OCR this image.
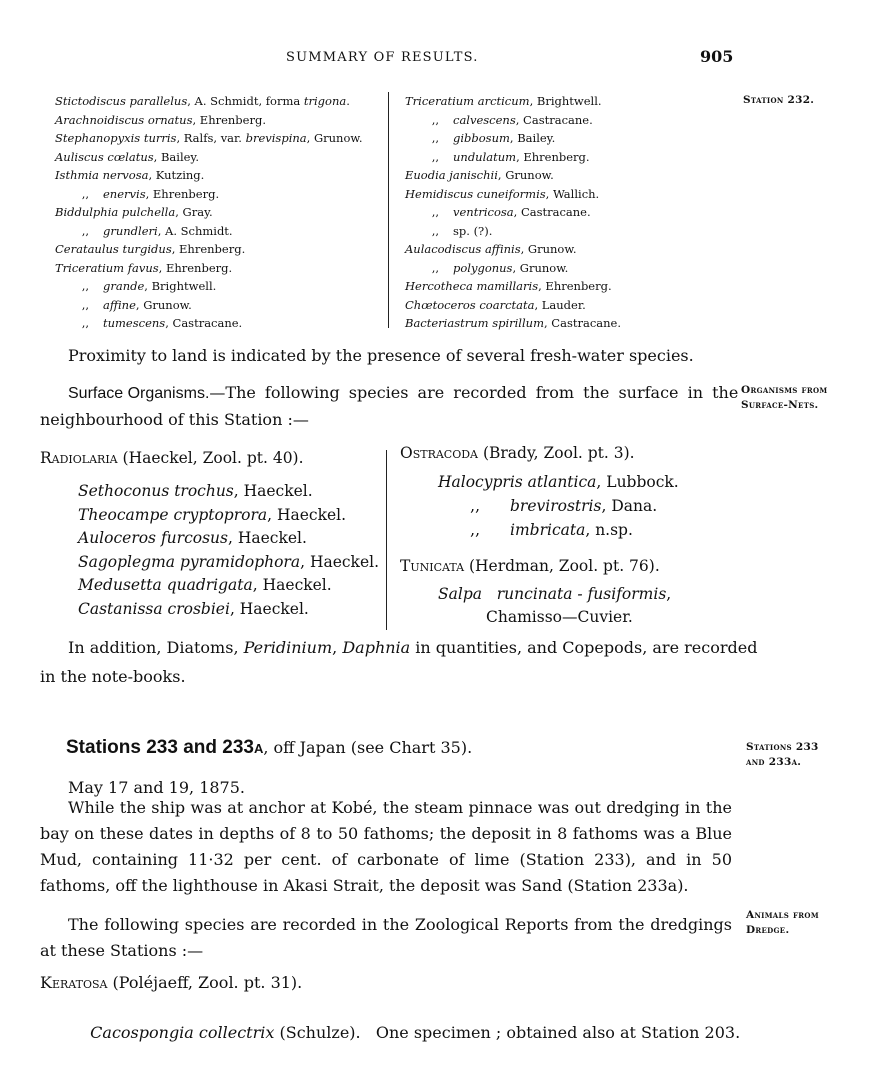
SUMMARY OF RESULTS.	905
Station 232.
Stictodiscus parallelus, A. Schmidt, forma trigona.
Arachnoidiscus ornatus, Ehrenberg.
Stephanopyxis turris, Ralfs, var. brevispina, Grunow.
Auliscus cœlatus, Bailey.
Isthmia nervosa, Kutzing.
,, enervis, Ehrenberg.
Biddulphia pulchella, Gray.
,, grundleri, A. Schmidt.
Cerataulus turgidus, Ehrenberg.
Triceratium favus, Ehrenberg.
,, grande, Brightwell.
,, affine, Grunow.
,, tumescens, Castracane.
Triceratium arcticum, Brightwell.
,, calvescens, Castracane.
,, gibbosum, Bailey.
,, undulatum, Ehrenberg.
Euodia janischii, Grunow.
Hemidiscus cuneiformis, Wallich.
,, ventricosa, Castracane.
,, sp. (?).
Aulacodiscus affinis, Grunow.
,, polygonus, Grunow.
Hercotheca mamillaris, Ehrenberg.
Chœtoceros coarctata, Lauder.
Bacteriastrum spirillum, Castracane.
Proximity to land is indicated by the presence of several fresh-water species.
Surface Organisms.—The following species are recorded from the surface in the
neighbourhood of this Station :—
Organisms from
Surface-Nets.
Radiolaria (Haeckel, Zool. pt. 40).
Sethoconus trochus, Haeckel.
Theocampe cryptoprora, Haeckel.
Auloceros furcosus, Haeckel.
Sagoplegma pyramidophora, Haeckel.
Medusetta quadrigata, Haeckel.
Castanissa crosbiei, Haeckel.
Ostracoda (Brady, Zool. pt. 3).
Halocypris atlantica, Lubbock.
,, brevirostris, Dana.
,, imbricata, n.sp.
Tunicata (Herdman, Zool. pt. 76).
Salpa   runcinata - fusiformis,
Chamisso—Cuvier.
In addition, Diatoms, Peridinium, Daphnia in quantities, and Copepods, are recorded
in the note-books.
Stations 233 and 233a, off Japan (see Chart 35).	Stations 233
and 233a.
May 17 and 19, 1875.
While the ship was at anchor at Kobé, the steam pinnace was out dredging in the bay on these dates in depths of 8 to 50 fathoms; the deposit in 8 fathoms was a Blue Mud, containing 11·32 per cent. of carbonate of lime (Station 233), and in 50 fathoms, off the lighthouse in Akasi Strait, the deposit was Sand (Station 233a).
The following species are recorded in the Zoological Reports from the dredgings at these Stations :—
Animals from
Dredge.
Keratosa (Poléjaeff, Zool. pt. 31).

Cacospongia collectrix (Schulze).   One specimen ; obtained also at Station 203.
